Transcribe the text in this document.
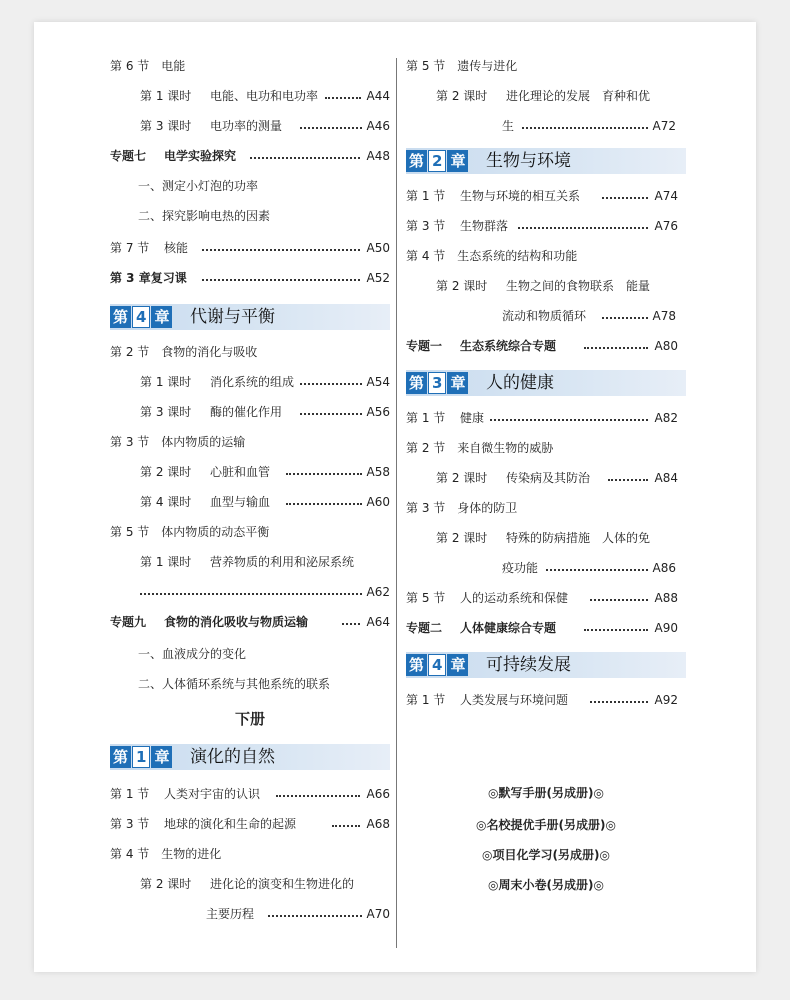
第 6 节　电能
第 1 课时 电能、电功和电功率	A44
第 3 课时 电功率的测量	A46
专题七 电学实验探究	A48
一、测定小灯泡的功率
二、探究影响电热的因素
第 7 节 核能	A50
第 3 章复习课	A52
第 4 章 代谢与平衡
第 2 节　食物的消化与吸收
第 1 课时 消化系统的组成	A54
第 3 课时 酶的催化作用	A56
第 3 节　体内物质的运输
第 2 课时 心脏和血管	A58
第 4 课时 血型与输血	A60
第 5 节　体内物质的动态平衡
第 1 课时 营养物质的利用和泌尿系统
A62
专题九 食物的消化吸收与物质运输	A64
一、血液成分的变化
二、人体循环系统与其他系统的联系
下册
第 1 章 演化的自然
第 1 节 人类对宇宙的认识	A66
第 3 节 地球的演化和生命的起源	A68
第 4 节　生物的进化
第 2 课时 进化论的演变和生物进化的
主要历程	A70
第 5 节　遗传与进化
第 2 课时 进化理论的发展　育种和优
生	A72
第 2 章 生物与环境
第 1 节 生物与环境的相互关系	A74
第 3 节 生物群落	A76
第 4 节　生态系统的结构和功能
第 2 课时 生物之间的食物联系　能量
流动和物质循环	A78
专题一 生态系统综合专题	A80
第 3 章 人的健康
第 1 节 健康	A82
第 2 节　来自微生物的威胁
第 2 课时 传染病及其防治	A84
第 3 节　身体的防卫
第 2 课时 特殊的防病措施　人体的免
疫功能	A86
第 5 节 人的运动系统和保健	A88
专题二 人体健康综合专题	A90
第 4 章 可持续发展
第 1 节 人类发展与环境问题	A92
◎默写手册(另成册)◎
◎名校提优手册(另成册)◎
◎项目化学习(另成册)◎
◎周末小卷(另成册)◎
